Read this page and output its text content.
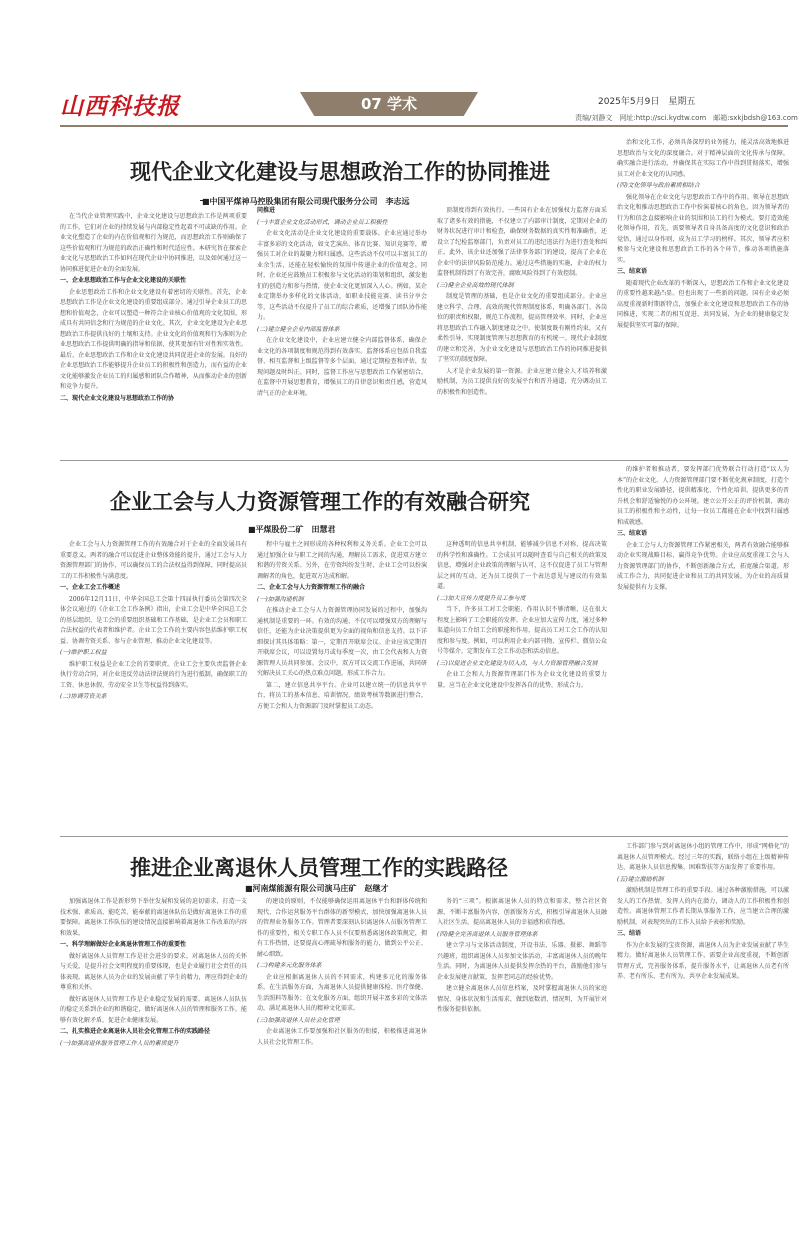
山西科技报	07 学术	2025年5月9日　星期五
责编/刘静文　网址:http://sci.kydtw.com　邮箱:sxkjbdsh@163.com
现代企业文化建设与思想政治工作的协同推进
■中国平煤神马控股集团有限公司现代服务分公司　李志远

在当代企业管理实践中，企业文化建设与思想政治工作是两项重要的工作，它们对企业的持续发展与内部稳定性起着不可或缺的作用。企业文化塑造了企业的内在价值观和行为规范，而思想政治工作则确保了这些价值观和行为规范的政治正确性和时代适应性。本研究旨在探索企业文化与思想政治工作如何在现代企业中协同推进，以及如何通过这一协同推进促进企业的全面发展。

一、企业思想政治工作与企业文化建设的关联性

企业思想政治工作和企业文化建设有着密切的关联性。首先，企业思想政治工作是企业文化建设的重要组成部分。通过引导企业员工的思想和价值观念，企业可以塑造一种符合企业核心价值观的文化氛围，形成具有共同信念和行为规范的企业文化。其次，企业文化建设为企业思想政治工作提供良好的土壤和支持。企业文化的价值观和行为准则为企业思想政治工作提供明确的指导和依据，使其更加有针对性和实效性。最后，企业思想政治工作和企业文化建设共同促进企业的发展。良好的企业思想政治工作能够提升企业员工的积极性和创造力，而有益的企业文化能够激发企业员工的归属感和团队合作精神，从而推动企业的创新和竞争力提升。

二、现代企业文化建设与思想政治工作的协

同推进

(一)丰富企业文化活动形式，调动企业员工积极性

企业文化活动是企业文化建设的重要载体。企业应通过举办丰富多彩的文化活动，如文艺演出、体育比赛、知识竞赛等，增强员工对企业的凝聚力和归属感。这些活动不仅可以丰富员工的业余生活，还能在轻松愉快的氛围中传递企业的价值观念。同时，企业还应鼓励员工积极参与文化活动的策划和组织，激发他们的创造力和参与热情，使企业文化更加深入人心。例如，某企业定期举办多样化的文体活动，如职业技能竞赛、读书分享会等，这些活动不仅提升了员工的综合素质，还增强了团队协作能力。

(二)建立健全企业内部监督体系

在企业文化建设中，企业应建立健全内部监督体系，确保企业文化的各项制度和规范得到有效落实。监督体系应包括自我监督、相互监督和上级监督等多个层面，通过定期检查和评估，发现问题及时纠正。同时，监督工作应与思想政治工作紧密结合，在监督中开展思想教育，增强员工的自律意识和责任感，营造风清气正的企业环境。

顶制度得到有效执行。一些国有企业在加强权力监督方面采取了诸多有效的措施，不仅建立了内部审计制度，定期对企业的财务状况进行审计和检查，确保财务数据的真实性和准确性，还设立了纪检监察部门，负责对员工的违纪违法行为进行查处和纠正。此外，该企业还加强了法律事务部门的建设，提高了企业在企业中的法律风险防范能力。通过这些措施的实施，企业的权力监督机制得到了有效完善，腐败风险得到了有效控制。

(三)健全企业高效的现代体制

制度是管理的基础，也是企业文化的重要组成部分。企业应建立科学、合理、高效的现代管理制度体系，明确各部门、各岗位的职责和权限，规范工作流程，提高管理效率。同时，企业应将思想政治工作融入制度建设之中，使制度既有刚性约束，又有柔性引导，实现制度管理与思想教育的有机统一。现代企业制度的建立和完善，为企业文化建设与思想政治工作的协同推进提供了坚实的制度保障。

人才是企业发展的第一资源。企业应建立健全人才培养和激励机制，为员工提供良好的发展平台和晋升通道，充分调动员工的积极性和创造性。

治和文化工作，必须具备深厚的业务能力，能灵活高效地推进思想政治与文化的深度融合。对于精神层面的文化传承与保障，确实融合进行活动，并确保其在实际工作中得到贯彻落实，增强员工对企业文化的认同感。

(四)文化领导与政治素质相结合

强化领导在企业文化与思想政治工作中的作用。领导在思想政治文化和推动思想政治工作中扮演着核心的角色，因为领导者的行为和信念直接影响企业的氛围和员工的行为模式。要打造效能化领导作用，首先，需要领导者自身具备高度的文化意识和政治觉悟，通过以身作则，成为员工学习的榜样。其次，领导者应积极参与文化建设和思想政治工作的各个环节，推动各项措施落实。

三、结束语

随着现代企业改革的不断深入，思想政治工作和企业文化建设的重要性越来越凸显。但也出现了一些新的问题。国有企业必须高度重视新时期新特点，加强企业文化建设和思想政治工作的协同推进，实现二者的相互促进、共同发展，为企业的健康稳定发展提供坚实可靠的保障。

企业工会与人力资源管理工作的有效融合研究
■平煤股份二矿　田慧君

企业工会与人力资源管理工作的有效融合对于企业的全面发展具有重要意义。两者的融合可以促进企业整体效能的提升，通过工会与人力资源管理部门的协作，可以确保员工的合法权益得到保障，同时提高员工的工作积极性与满意度。

一、企业工会工作概述

2006年12月11日，中华全国总工会第十四届执行委员会第四次全体会议通过的《企业工会工作条例》指出，企业工会是中华全国总工会的基层组织，是工会的重要组织基础和工作基础，是企业工会员和职工合法权益的代表者和维护者。企业工会工作的主要内容包括维护职工权益、协调劳资关系、参与企业管理、推动企业文化建设等。

(一)维护职工权益

维护职工权益是企业工会的首要职责。企业工会主要负责监督企业执行劳动合同，对企业违反劳动法律法规的行为进行抵制，确保职工的工资、休息休假、劳动安全卫生等权益得到落实。

(二)协调劳资关系

程中与雇主之间形成的各种权利和义务关系。企业工会可以通过加强企业与职工之间的沟通，理解员工需求，促进双方建立和谐的劳资关系。另外，在劳资纠纷发生时，企业工会可以扮演调解者的角色，促进双方达成和解。

二、企业工会与人力资源管理工作的融合

(一)加强沟通机制

在推动企业工会与人力资源管理协同发展的过程中，加强沟通机制是重要的一环。有效的沟通，不仅可以增强双方的理解与信任，还能为企业决策提供更为全面的视角和信息支持。以下详细探讨其具体策略：第一，定期召开联席会议。企业应该定期召开联席会议，可以设置每月或每季度一次，由工会代表和人力资源管理人员共同参加。会议中，双方可以交流工作进展，共同研究解决员工关心的热点难点问题，形成工作合力。

第二，建立信息共享平台。企业可以建立统一的信息共享平台，将员工的基本信息、培训情况、绩效考核等数据进行整合，方便工会和人力资源部门及时掌握员工动态。

这种透明的信息共享机制，能够减少信息不对称，提高决策的科学性和准确性。工会成员可以随时查看与自己相关的政策及信息，增强对企业政策的理解与认可，这不仅促进了员工与管理层之间的互动，还为员工提供了一个表达意见与建议的有效渠道。

(二)加大宣传力度提升员工参与度

当下，许多员工对工会职能、作用认识不够清晰，这在很大程度上影响了工会职能的发挥。企业应加大宣传力度，通过多种渠道向员工介绍工会的职能和作用，提高员工对工会工作的认知度和参与度。例如，可以利用企业内部刊物、宣传栏、微信公众号等媒介，定期发布工会工作动态和活动信息。

(三)以促进企业文化建设为切入点，与人力资源管理融合发展

企业工会和人力资源管理部门作为企业文化建设的重要力量，应当在企业文化建设中发挥各自的优势，形成合力。

的维护者和推动者，要发挥部门优势联合行动打造“以人为本”的企业文化。人力资源管理部门要不断优化规章制度，打造个性化的职业发展路径，提供精准化、个性化培训，提供更多的晋升机会和舒适愉悦的办公环境。建立公开公正的评价机制，调动员工的积极性和主动性，让每一位员工都能在企业中找到归属感和成就感。

三、结束语

企业工会与人力资源管理工作紧密相关，两者有效融合能够推动企业实现战略目标、赢得竞争优势。企业应高度重视工会与人力资源管理部门的协作，不断创新融合方式，拓宽融合渠道，形成工作合力，共同促进企业和员工的共同发展，为企业的高质量发展提供有力支撑。

推进企业离退休人员管理工作的实践路径
■河南煤能源有限公司演马庄矿　赵继才

加强离退休工作是新形势下举住发展和发展的迫切需求，打造一支技术强、素质高、能吃苦、能奉献的离退休队伍是做好离退休工作的重要保障。离退休工作队伍的建设情况直接影响着离退休工作改革的内容和效果。

一、科学理解做好企业离退休管理工作的重要性

做好离退休人员管理工作是社会进步的要求。对离退休人员的关怀与关爱，是提升社会文明程度的重要体现，也是企业履行社会责任的具体表现。离退休人员为企业的发展贡献了毕生的精力，理应得到企业的尊重和关怀。

做好离退休人员管理工作是企业稳定发展的需要。离退休人员队伍的稳定关系到企业的和谐稳定，做好离退休人员的管理和服务工作，能够有效化解矛盾，促进企业健康发展。

二、扎实推进企业离退休人员社会化管理工作的实践路径

(一)加强离退休服务管理工作人员的素质提升

的建设的原则，不仅能够确保运用离退休平台和群体传统和现代、合作运营服务平台群体的新型模式，加快加强离退休人员的管理业务服务工作。管理者要深刻认识离退休人员服务管理工作的重要性，相关专职工作人员不仅要熟悉离退休政策规定，拥有工作热情，还要提高心理疏导和服务的能力，做到公平公正、耐心细致。

(二)构建多元化服务体系

企业应根据离退休人员的不同需求，构建多元化的服务体系。在生活服务方面，为离退休人员提供健康体检、医疗保健、生活照料等服务；在文化服务方面，组织开展丰富多彩的文体活动，满足离退休人员的精神文化需求。

(三)加强离退休人员社会化管理

企业离退休工作要加强和社区服务的衔接，积极推进离退休人员社会化管理工作。

务的“三项”。根据离退休人员的特点和需求，整合社区资源，不断丰富服务内容，创新服务方式，积极引导离退休人员融入社区生活，提高离退休人员的幸福感和获得感。

(四)健全完善离退休人员服务管理体系

建立学习与文体活动制度，开设书法、乐器、摄影、舞蹈等兴趣班，组织离退休人员参加文体活动，丰富离退休人员的晚年生活。同时，为离退休人员提供发挥余热的平台，鼓励他们参与企业发展建言献策，发挥老同志的经验优势。

建立健全离退休人员信息档案，及时掌握离退休人员的家庭情况、身体状况和生活需求，做到底数清、情况明，为开展针对性服务提供依据。

工作部门参与到对离退休小组的管理工作中，形成“网格化”的离退休人员管理模式。经过三年的实践，联络小组在上级精神传达、离退休人员信息搜集、困难帮扶等方面发挥了重要作用。

(五)建立激励机制

激励机制是管理工作的重要手段。通过各种激励措施，可以激发人的工作热情，发挥人的内在潜力，调动人的工作积极性和创造性。离退休管理工作者长期从事服务工作，应当建立合理的激励机制，对表现突出的工作人员给予表彰和奖励。

三、结语

作为企业发展的宝贵资源，离退休人员为企业发展贡献了毕生精力。做好离退休人员管理工作，需要企业高度重视，不断创新管理方式，完善服务体系，提升服务水平，让离退休人员老有所养、老有所乐、老有所为，共享企业发展成果。
